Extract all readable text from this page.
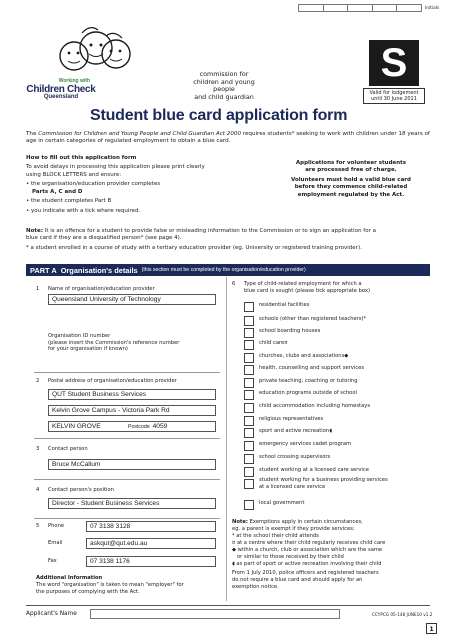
Initials
Working with
Children Check
Queensland
commission for
children and young people
and child guardian
S
Valid for lodgement
until 30 June 2011
Student blue card application form
The Commission for Children and Young People and Child Guardian Act 2000 requires students* seeking to work with children under 18 years of age in certain categories of regulated employment to obtain a blue card.
How to fill out this application form
To avoid delays in processing this application please print clearly
using BLOCK LETTERS and ensure:
• the organisation/education provider completes
Parts A, C and D
• the student completes Part B
• you indicate with a tick where required.
Applications for volunteer students
are processed free of charge.
Volunteers must hold a valid blue card
before they commence child-related
employment regulated by the Act.
Note: It is an offence for a student to provide false or misleading information to the Commission or to sign an application for a
blue card if they are a disqualified person* (see page 4).
* a student enrolled in a course of study with a tertiary education provider (eg. University or registered training provider).
PART A Organisation's details (this section must be completed by the organisation/education provider)
1 Name of organisation/education provider
Queensland University of Technology
Organisation ID number
(please insert the Commission's reference number
for your organisation if known)
2 Postal address of organisation/education provider
QUT Student Business Services
Kelvin Grove Campus - Victoria Park Rd
KELVIN GROVE	Postcode 4059
3 Contact person
Bruce McCallum
4 Contact person's position
Director - Student Business Services
5 Phone	07 3138 3128
Email	askqut@qut.edu.au
Fax	07 3138 1176
Additional Information
The word "organisation" is taken to mean "employer" for
the purposes of complying with the Act.
6 Type of child-related employment for which a
blue card is sought (please tick appropriate box)
residential facilities
schools (other than registered teachers)*
school boarding houses
child care¤
churches, clubs and associations◆
health, counselling and support services
private teaching, coaching or tutoring
education programs outside of school
child accommodation including homestays
religious representatives
sport and active recreation◖
emergency services cadet program
school crossing supervisors
student working at a licensed care service
student working for a business providing services
at a licensed care service
local government
Note: Exemptions apply in certain circumstances,
eg. a parent is exempt if they provide services:
* at the school their child attends
¤ at a centre where their child regularly receives child care
◆ within a church, club or association which are the same
or similar to those received by their child
◖ as part of sport or active recreation involving their child
From 1 July 2010, police officers and registered teachers
do not require a blue card and should apply for an
exemption notice.
Applicant's Name	CCYPCG 05-148 JUNE10 v1.2
1
